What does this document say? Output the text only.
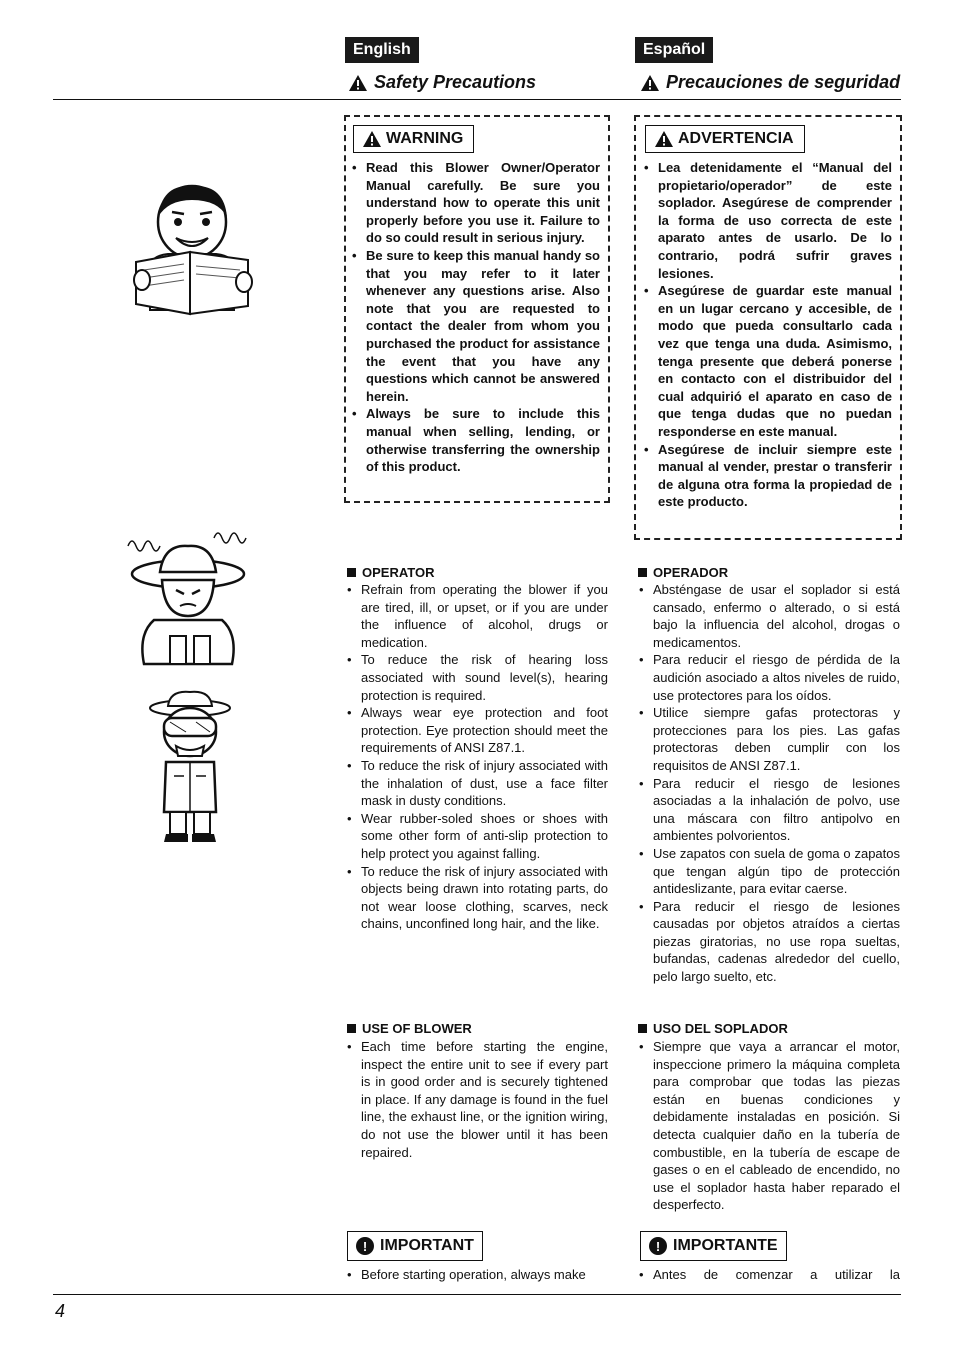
English	Español
Safety Precautions	Precauciones de seguridad
WARNING
• Read this Blower Owner/Operator Manual carefully. Be sure you understand how to operate this unit properly before you use it. Failure to do so could result in serious injury.
• Be sure to keep this manual handy so that you may refer to it later whenever any questions arise. Also note that you are requested to contact the dealer from whom you purchased the product for assistance the event that you have any questions which cannot be answered herein.
• Always be sure to include this manual when selling, lending, or otherwise transferring the ownership of this product.
ADVERTENCIA
• Lea detenidamente el “Manual del propietario/operador” de este soplador. Asegúrese de comprender la forma de uso correcta de este aparato antes de usarlo. De lo contrario, podrá sufrir graves lesiones.
• Asegúrese de guardar este manual en un lugar cercano y accesible, de modo que pueda consultarlo cada vez que tenga una duda. Asimismo, tenga presente que deberá ponerse en contacto con el distribuidor del cual adquirió el aparato en caso de que tenga dudas que no puedan responderse en este manual.
• Asegúrese de incluir siempre este manual al vender, prestar o transferir de alguna otra forma la propiedad de este producto.
OPERATOR
• Refrain from operating the blower if you are tired, ill, or upset, or if you are under the influence of alcohol, drugs or medication.
• To reduce the risk of hearing loss associated with sound level(s), hearing protection is required.
• Always wear eye protection and foot protection. Eye protection should meet the requirements of ANSI Z87.1.
• To reduce the risk of injury associated with the inhalation of dust, use a face filter mask in dusty conditions.
• Wear rubber-soled shoes or shoes with some other form of anti-slip protection to help protect you against falling.
• To reduce the risk of injury associated with objects being drawn into rotating parts, do not wear loose clothing, scarves, neck chains, unconfined long hair, and the like.
OPERADOR
• Absténgase de usar el soplador si está cansado, enfermo o alterado, o si está bajo la influencia del alcohol, drogas o medicamentos.
• Para reducir el riesgo de pérdida de la audición asociado a altos niveles de ruido, use protectores para los oídos.
• Utilice siempre gafas protectoras y protecciones para los pies. Las gafas protectoras deben cumplir con los requisitos de ANSI Z87.1.
• Para reducir el riesgo de lesiones asociadas a la inhalación de polvo, use una máscara con filtro antipolvo en ambientes polvorientos.
• Use zapatos con suela de goma o zapatos que tengan algún tipo de protección antideslizante, para evitar caerse.
• Para reducir el riesgo de lesiones causadas por objetos atraídos a ciertas piezas giratorias, no use ropa sueltas, bufandas, cadenas alrededor del cuello, pelo largo suelto, etc.
USE OF BLOWER
• Each time before starting the engine, inspect the entire unit to see if every part is in good order and is securely tightened in place. If any damage is found in the fuel line, the exhaust line, or the ignition wiring, do not use the blower until it has been repaired.
USO DEL SOPLADOR
• Siempre que vaya a arrancar el motor, inspeccione primero la máquina completa para comprobar que todas las piezas están en buenas condiciones y debidamente instaladas en posición. Si detecta cualquier daño en la tubería de combustible, en la tubería de escape de gases o en el cableado de encendido, no use el soplador hasta haber reparado el desperfecto.
! IMPORTANT
• Before starting operation, always make
! IMPORTANTE
• Antes de comenzar a utilizar la
4
